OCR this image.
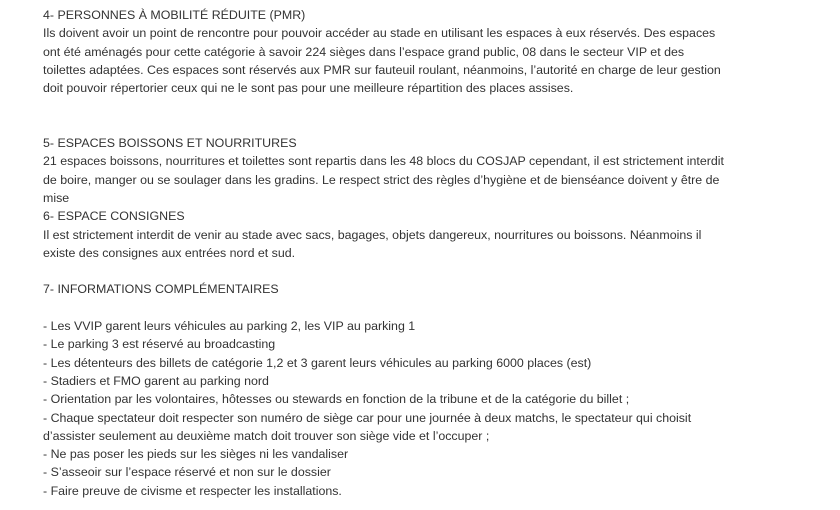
4- PERSONNES À MOBILITÉ RÉDUITE (PMR)
Ils doivent avoir un point de rencontre pour pouvoir accéder au stade en utilisant les espaces à eux réservés. Des espaces
ont été aménagés pour cette catégorie à savoir 224 sièges dans l’espace grand public, 08 dans le secteur VIP et des
toilettes adaptées. Ces espaces sont réservés aux PMR sur fauteuil roulant, néanmoins, l’autorité en charge de leur gestion
doit pouvoir répertorier ceux qui ne le sont pas pour une meilleure répartition des places assises.
5- ESPACES BOISSONS ET NOURRITURES
21 espaces boissons, nourritures et toilettes sont repartis dans les 48 blocs du COSJAP cependant, il est strictement interdit
de boire, manger ou se soulager dans les gradins. Le respect strict des règles d’hygiène et de bienséance doivent y être de
mise
6- ESPACE CONSIGNES
Il est strictement interdit de venir au stade avec sacs, bagages, objets dangereux, nourritures ou boissons. Néanmoins il
existe des consignes aux entrées nord et sud.
7- INFORMATIONS COMPLÉMENTAIRES
- Les VVIP garent leurs véhicules au parking 2, les VIP au parking 1
- Le parking 3 est réservé au broadcasting
- Les détenteurs des billets de catégorie 1,2 et 3 garent leurs véhicules au parking 6000 places (est)
- Stadiers et FMO garent au parking nord
- Orientation par les volontaires, hôtesses ou stewards en fonction de la tribune et de la catégorie du billet ;
- Chaque spectateur doit respecter son numéro de siège car pour une journée à deux matchs, le spectateur qui choisit
d’assister seulement au deuxième match doit trouver son siège vide et l’occuper ;
- Ne pas poser les pieds sur les sièges ni les vandaliser
- S’asseoir sur l’espace réservé et non sur le dossier
- Faire preuve de civisme et respecter les installations.
